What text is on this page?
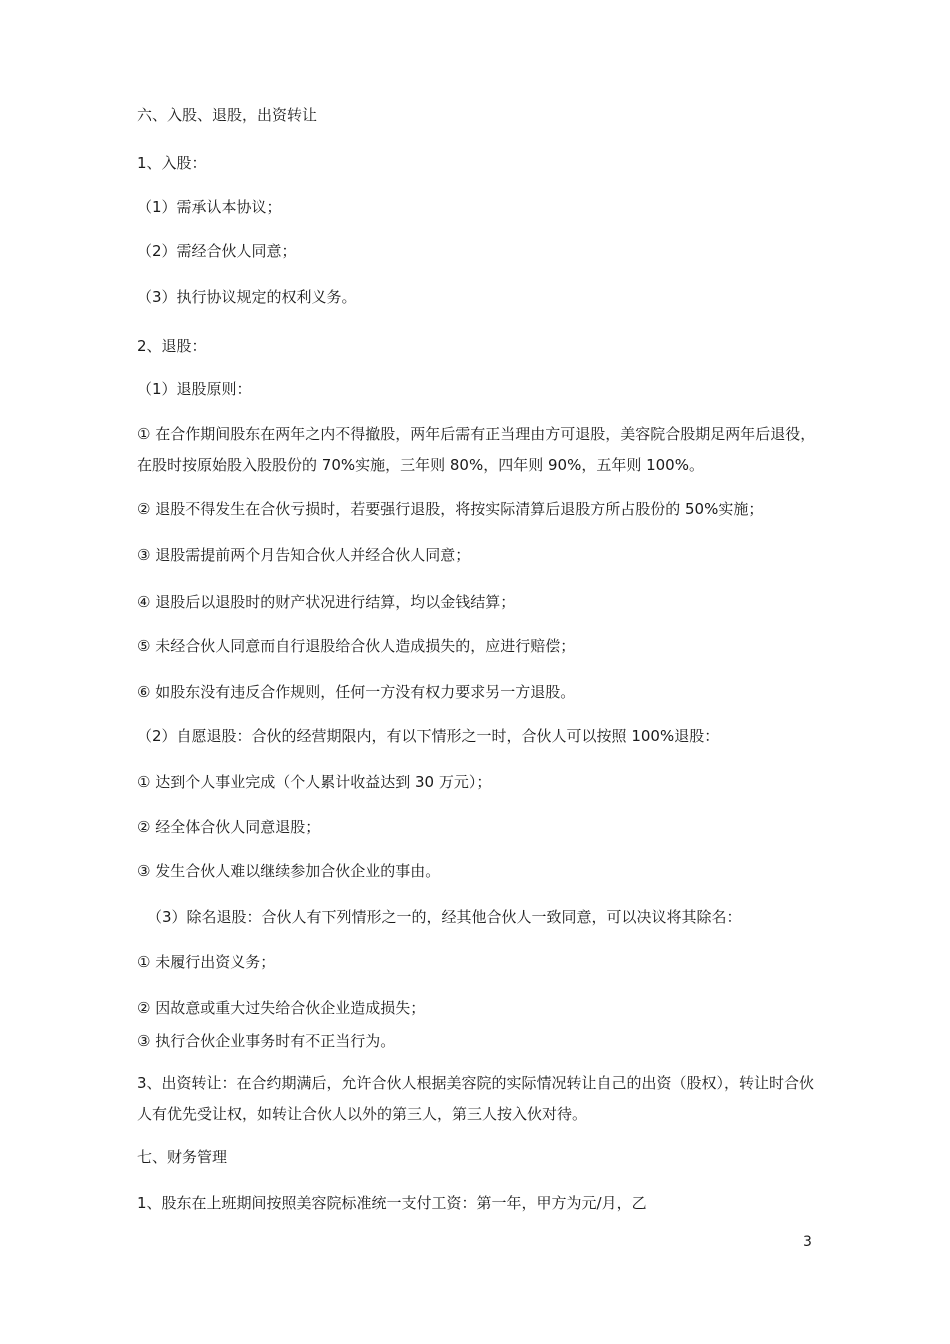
六、入股、退股，出资转让
1、入股：
（1）需承认本协议；
（2）需经合伙人同意；
（3）执行协议规定的权利义务。
2、退股：
（1）退股原则：
① 在合作期间股东在两年之内不得撤股，两年后需有正当理由方可退股，美容院合股期足两年后退役，在股时按原始股入股股份的 70%实施，三年则 80%，四年则 90%，五年则 100%。
② 退股不得发生在合伙亏损时，若要强行退股，将按实际清算后退股方所占股份的 50%实施；
③ 退股需提前两个月告知合伙人并经合伙人同意；
④ 退股后以退股时的财产状况进行结算，均以金钱结算；
⑤ 未经合伙人同意而自行退股给合伙人造成损失的，应进行赔偿；
⑥ 如股东没有违反合作规则，任何一方没有权力要求另一方退股。
（2）自愿退股：合伙的经营期限内，有以下情形之一时，合伙人可以按照 100%退股：
① 达到个人事业完成（个人累计收益达到 30 万元）；
② 经全体合伙人同意退股；
③ 发生合伙人难以继续参加合伙企业的事由。
（3）除名退股：合伙人有下列情形之一的，经其他合伙人一致同意，可以决议将其除名：
① 未履行出资义务；
② 因故意或重大过失给合伙企业造成损失；
③ 执行合伙企业事务时有不正当行为。
3、出资转让：在合约期满后，允许合伙人根据美容院的实际情况转让自己的出资（股权），转让时合伙人有优先受让权，如转让合伙人以外的第三人，第三人按入伙对待。
七、财务管理
1、股东在上班期间按照美容院标准统一支付工资：第一年，甲方为元/月，乙
3
